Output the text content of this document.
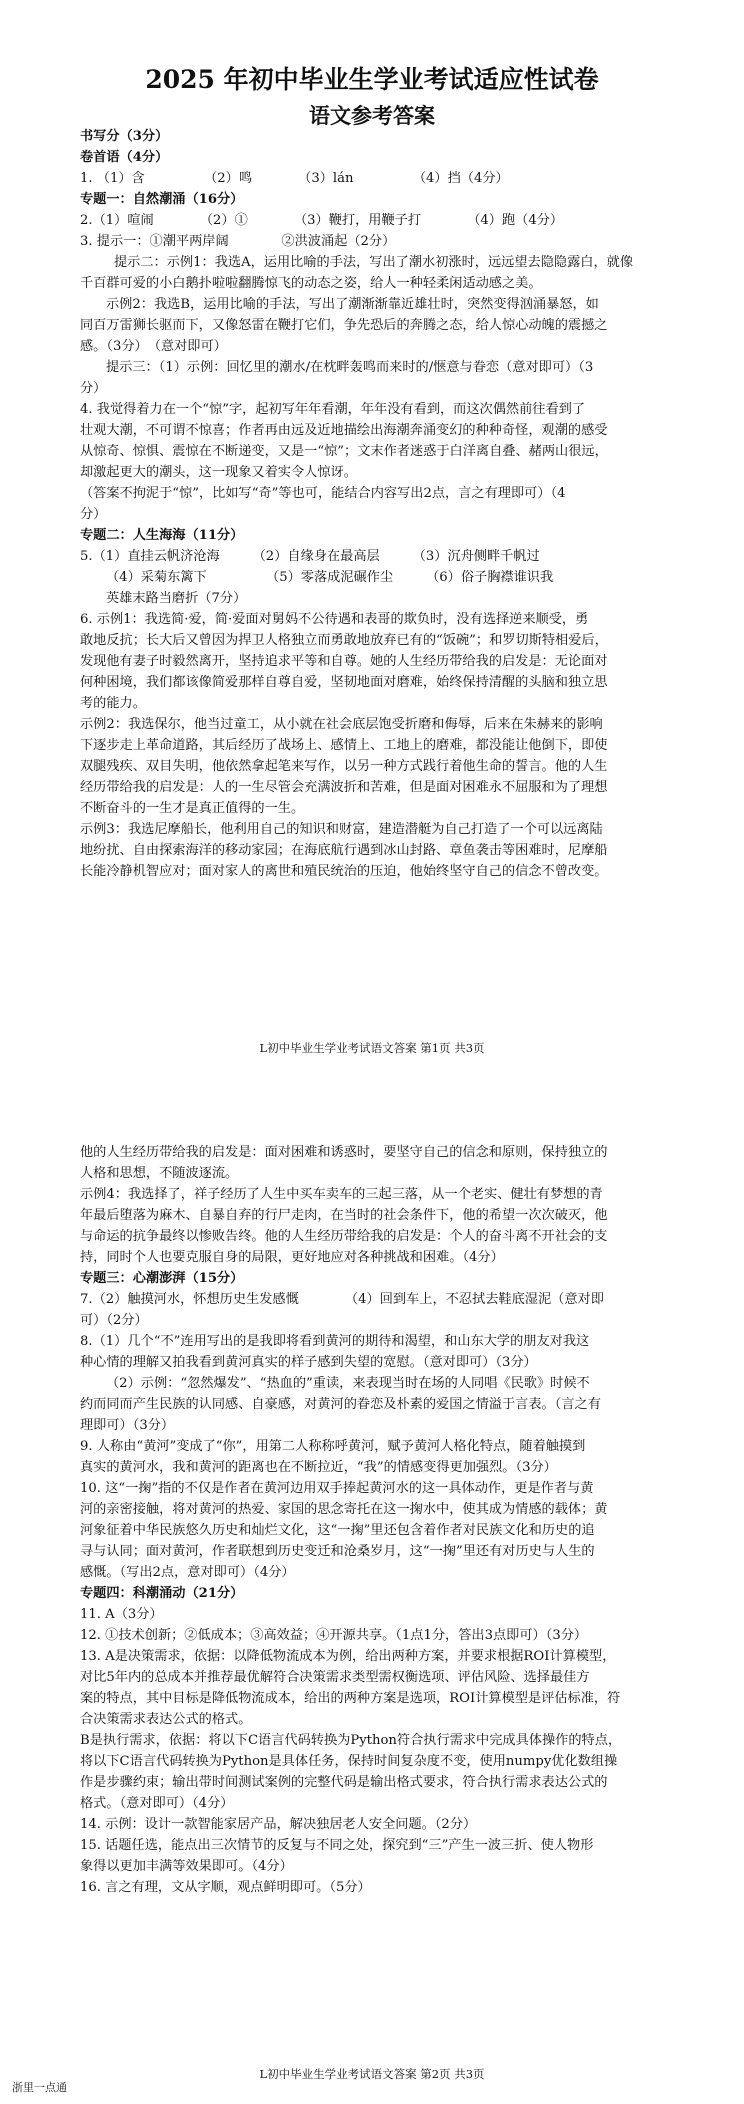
2025 年初中毕业生学业考试适应性试卷
语文参考答案
书写分（3分）
卷首语（4分）
1. （1）含　　　　　（2）鸣　　　　（3）lán　　　　　（4）挡（4分）
专题一：自然潮涌（16分）
2.（1）喧闹　　　　（2）①　　　　（3）鞭打，用鞭子打　　　　（4）跑（4分）
3. 提示一：①潮平两岸阔　　　　②洪波涌起（2分）
提示二：示例1：我选A，运用比喻的手法，写出了潮水初涨时，远远望去隐隐露白，就像
千百群可爱的小白鹅扑啦啦翻腾惊飞的动态之姿，给人一种轻柔闲适动感之美。
示例2：我选B，运用比喻的手法，写出了潮渐渐靠近雄壮时，突然变得汹涌暴怒，如
同百万雷狮长驱而下，又像怒雷在鞭打它们，争先恐后的奔腾之态，给人惊心动魄的震撼之
感。（3分）　（意对即可）
提示三：（1）示例：回忆里的潮水/在枕畔轰鸣而来时的/惬意与眷恋（意对即可）（3
分）
4. 我觉得着力在一个“惊”字，起初写年年看潮，年年没有看到，而这次偶然前往看到了
壮观大潮，不可谓不惊喜；作者再由远及近地描绘出海潮奔涌变幻的种种奇怪，观潮的感受
从惊奇、惊惧、震惊在不断递变，又是一“惊”；文末作者迷惑于白洋离自叠、赭两山很远，
却激起更大的潮头，这一现象又着实令人惊讶。
（答案不拘泥于“惊”，比如写“奇”等也可，能结合内容写出2点，言之有理即可）（4
分）
专题二：人生海海（11分）
5.（1）直挂云帆济沧海　　　（2）自缘身在最高层　　　（3）沉舟侧畔千帆过
（4）采菊东篱下　　　　　（5）零落成泥碾作尘　　　（6）俗子胸襟谁识我
英雄末路当磨折（7分）
6. 示例1：我选简·爱，简·爱面对舅妈不公待遇和表哥的欺负时，没有选择逆来顺受，勇
敢地反抗；长大后又曾因为捍卫人格独立而勇敢地放弃已有的“饭碗”；和罗切斯特相爱后，
发现他有妻子时毅然离开，坚持追求平等和自尊。她的人生经历带给我的启发是：无论面对
何种困境，我们都该像简爱那样自尊自爱，坚韧地面对磨难，始终保持清醒的头脑和独立思
考的能力。
示例2：我选保尔，他当过童工，从小就在社会底层饱受折磨和侮辱，后来在朱赫来的影响
下逐步走上革命道路，其后经历了战场上、感情上、工地上的磨难，都没能让他倒下，即使
双腿残疾、双目失明，他依然拿起笔来写作，以另一种方式践行着他生命的誓言。他的人生
经历带给我的启发是：人的一生尽管会充满波折和苦难，但是面对困难永不屈服和为了理想
不断奋斗的一生才是真正值得的一生。
示例3：我选尼摩船长，他利用自己的知识和财富，建造潜艇为自己打造了一个可以远离陆
地纷扰、自由探索海洋的移动家园；在海底航行遇到冰山封路、章鱼袭击等困难时，尼摩船
长能冷静机智应对；面对家人的离世和殖民统治的压迫，他始终坚守自己的信念不曾改变。
L初中毕业生学业考试语文答案 第1页 共3页
他的人生经历带给我的启发是：面对困难和诱惑时，要坚守自己的信念和原则，保持独立的
人格和思想，不随波逐流。
示例4：我选择了，祥子经历了人生中买车卖车的三起三落，从一个老实、健壮有梦想的青
年最后堕落为麻木、自暴自弃的行尸走肉，在当时的社会条件下，他的希望一次次破灭，他
与命运的抗争最终以惨败告终。他的人生经历带给我的启发是：个人的奋斗离不开社会的支
持，同时个人也要克服自身的局限，更好地应对各种挑战和困难。（4分）
专题三：心潮澎湃（15分）
7.（2）触摸河水，怀想历史生发感慨　　　　（4）回到车上，不忍拭去鞋底湿泥（意对即
可）（2分）
8.（1）几个“不”连用写出的是我即将看到黄河的期待和渴望，和山东大学的朋友对我这
种心情的理解又拍我看到黄河真实的样子感到失望的宽慰。（意对即可）（3分）
（2）示例：“忽然爆发”、“热血的”重读，来表现当时在场的人同唱《民歌》时候不
约而同而产生民族的认同感、自豪感，对黄河的眷恋及朴素的爱国之情溢于言表。（言之有
理即可）（3分）
9. 人称由“黄河”变成了“你”，用第二人称称呼黄河，赋予黄河人格化特点，随着触摸到
真实的黄河水，我和黄河的距离也在不断拉近，“我”的情感变得更加强烈。（3分）
10. 这“一掬”指的不仅是作者在黄河边用双手捧起黄河水的这一具体动作，更是作者与黄
河的亲密接触，将对黄河的热爱、家国的思念寄托在这一掬水中，使其成为情感的载体；黄
河象征着中华民族悠久历史和灿烂文化，这“一掬”里还包含着作者对民族文化和历史的追
寻与认同；面对黄河，作者联想到历史变迁和沧桑岁月，这“一掬”里还有对历史与人生的
感慨。（写出2点，意对即可）（4分）
专题四：科潮涌动（21分）
11. A（3分）
12. ①技术创新；②低成本；③高效益；④开源共享。（1点1分，答出3点即可）（3分）
13. A是决策需求，依据：以降低物流成本为例，给出两种方案，并要求根据ROI计算模型，
对比5年内的总成本并推荐最优解符合决策需求类型需权衡选项、评估风险、选择最佳方
案的特点，其中目标是降低物流成本，给出的两种方案是选项，ROI计算模型是评估标准，符
合决策需求表达公式的格式。
B是执行需求，依据：将以下C语言代码转换为Python符合执行需求中完成具体操作的特点，
将以下C语言代码转换为Python是具体任务，保持时间复杂度不变，使用numpy优化数组操
作是步骤约束；输出带时间测试案例的完整代码是输出格式要求，符合执行需求表达公式的
格式。（意对即可）（4分）
14. 示例：设计一款智能家居产品，解决独居老人安全问题。（2分）
15. 话题任选，能点出三次情节的反复与不同之处，探究到“三”产生一波三折、使人物形
象得以更加丰满等效果即可。（4分）
16. 言之有理，文从字顺，观点鲜明即可。（5分）
L初中毕业生学业考试语文答案 第2页 共3页
浙里一点通
